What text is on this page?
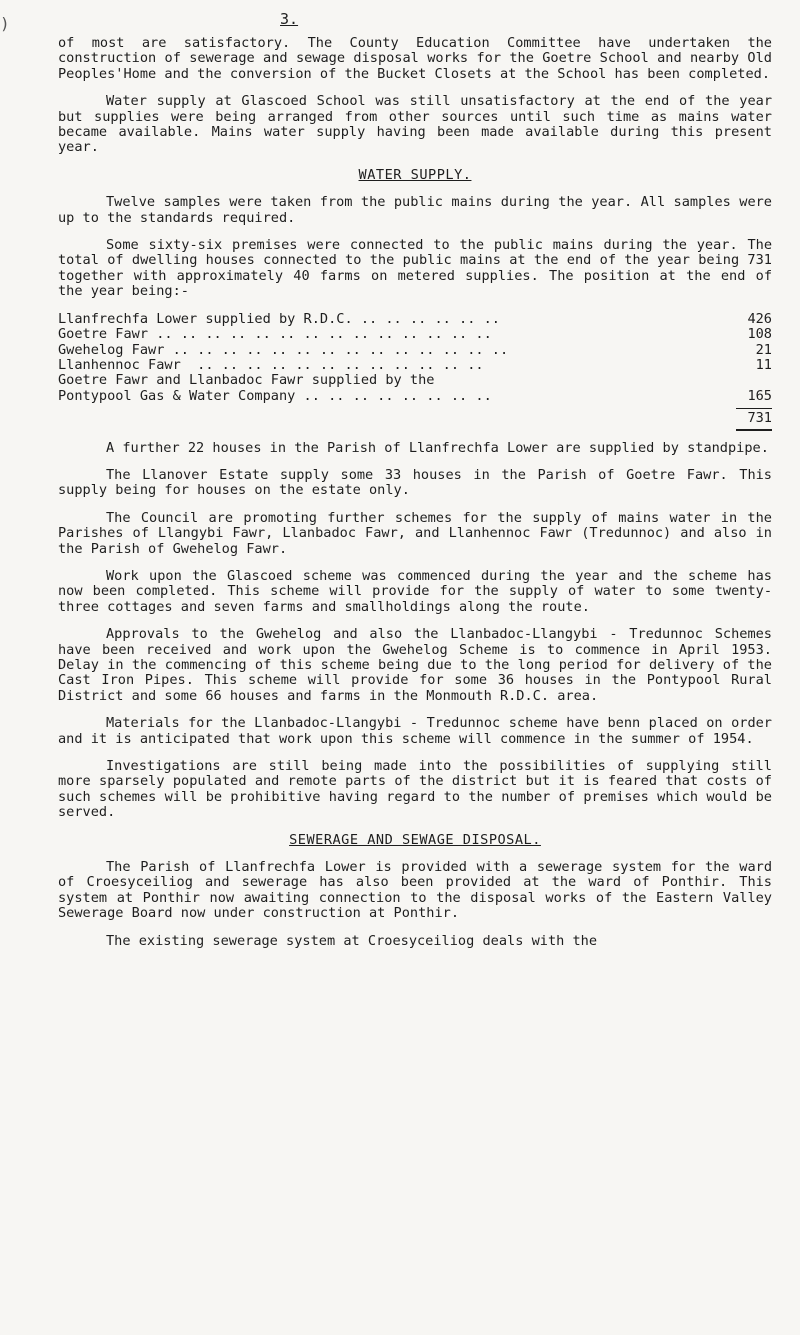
)	3.

of most are satisfactory. The County Education Committee have undertaken the construction of sewerage and sewage disposal works for the Goetre School and nearby Old Peoples'Home and the conversion of the Bucket Closets at the School has been completed.

Water supply at Glascoed School was still unsatisfactory at the end of the year but supplies were being arranged from other sources until such time as mains water became available. Mains water supply having been made available during this present year.

WATER SUPPLY.

Twelve samples were taken from the public mains during the year. All samples were up to the standards required.

Some sixty-six premises were connected to the public mains during the year. The total of dwelling houses connected to the public mains at the end of the year being 731 together with approximately 40 farms on metered supplies. The position at the end of the year being:-

Llanfrechfa Lower supplied by R.D.C. .. .. .. .. .. ..	426
Goetre Fawr .. .. .. .. .. .. .. .. .. .. .. .. .. ..	108
Gwehelog Fawr .. .. .. .. .. .. .. .. .. .. .. .. .. ..	21
Llanhennoc Fawr  .. .. .. .. .. .. .. .. .. .. .. ..	11
Goetre Fawr and Llanbadoc Fawr supplied by the
Pontypool Gas & Water Company .. .. .. .. .. .. .. ..	165
731

A further 22 houses in the Parish of Llanfrechfa Lower are supplied by standpipe.

The Llanover Estate supply some 33 houses in the Parish of Goetre Fawr. This supply being for houses on the estate only.

The Council are promoting further schemes for the supply of mains water in the Parishes of Llangybi Fawr, Llanbadoc Fawr, and Llanhennoc Fawr (Tredunnoc) and also in the Parish of Gwehelog Fawr.

Work upon the Glascoed scheme was commenced during the year and the scheme has now been completed. This scheme will provide for the supply of water to some twenty-three cottages and seven farms and smallholdings along the route.

Approvals to the Gwehelog and also the Llanbadoc-Llangybi - Tredunnoc Schemes have been received and work upon the Gwehelog Scheme is to commence in April 1953. Delay in the commencing of this scheme being due to the long period for delivery of the Cast Iron Pipes. This scheme will provide for some 36 houses in the Pontypool Rural District and some 66 houses and farms in the Monmouth R.D.C. area.

Materials for the Llanbadoc-Llangybi - Tredunnoc scheme have benn placed on order and it is anticipated that work upon this scheme will commence in the summer of 1954.

Investigations are still being made into the possibilities of supplying still more sparsely populated and remote parts of the district but it is feared that costs of such schemes will be prohibitive having regard to the number of premises which would be served.

SEWERAGE AND SEWAGE DISPOSAL.

The Parish of Llanfrechfa Lower is provided with a sewerage system for the ward of Croesyceiliog and sewerage has also been provided at the ward of Ponthir. This system at Ponthir now awaiting connection to the disposal works of the Eastern Valley Sewerage Board now under construction at Ponthir.

The existing sewerage system at Croesyceiliog deals with the
